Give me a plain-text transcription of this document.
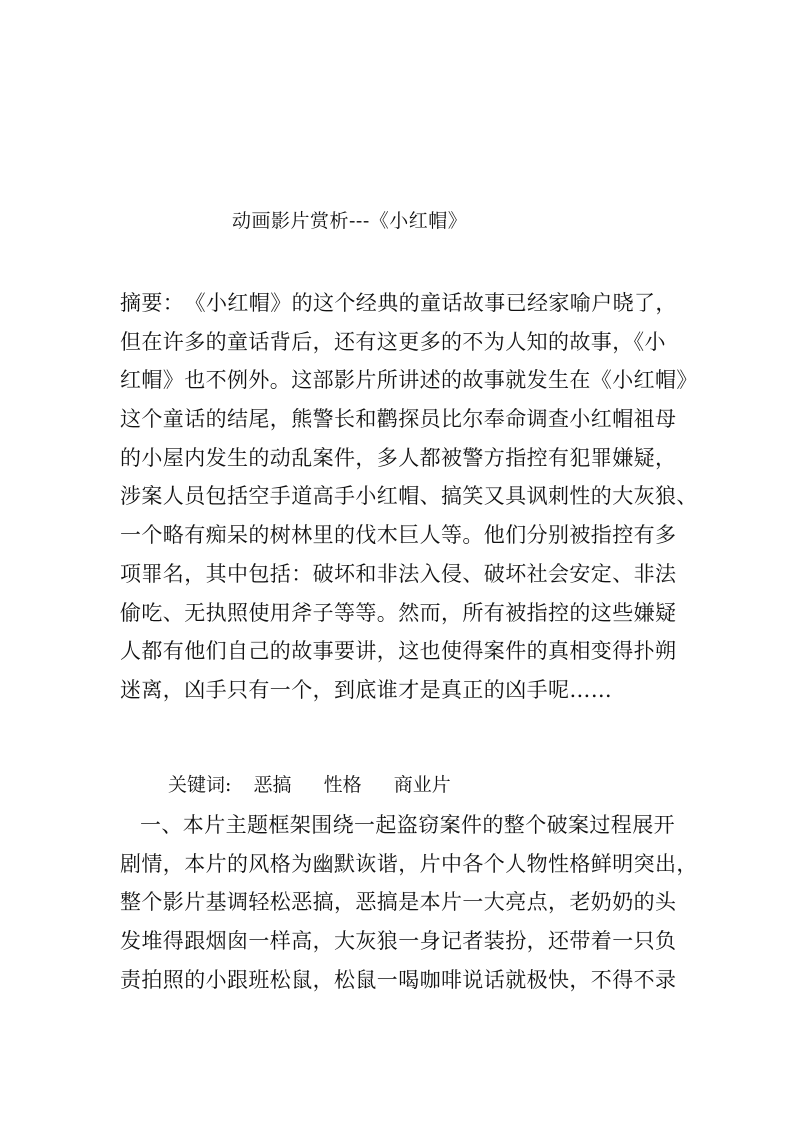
动画影片赏析---《小红帽》
摘要：　《小红帽》的这个经典的童话故事已经家喻户晓了，
但在许多的童话背后，还有这更多的不为人知的故事，《小
红帽》也不例外。这部影片所讲述的故事就发生在《小红帽》
这个童话的结尾，熊警长和鹳探员比尔奉命调查小红帽祖母
的小屋内发生的动乱案件，多人都被警方指控有犯罪嫌疑，
涉案人员包括空手道高手小红帽、搞笑又具讽刺性的大灰狼、
一个略有痴呆的树林里的伐木巨人等。他们分别被指控有多
项罪名，其中包括：破坏和非法入侵、破坏社会安定、非法
偷吃、无执照使用斧子等等。然而，所有被指控的这些嫌疑
人都有他们自己的故事要讲，这也使得案件的真相变得扑朔
迷离，凶手只有一个，到底谁才是真正的凶手呢……
关键词: 恶搞 性格 商业片
一、本片主题框架围绕一起盗窃案件的整个破案过程展开
剧情，本片的风格为幽默诙谐，片中各个人物性格鲜明突出，
整个影片基调轻松恶搞，恶搞是本片一大亮点，老奶奶的头
发堆得跟烟囱一样高，大灰狼一身记者装扮，还带着一只负
责拍照的小跟班松鼠，松鼠一喝咖啡说话就极快，不得不录
